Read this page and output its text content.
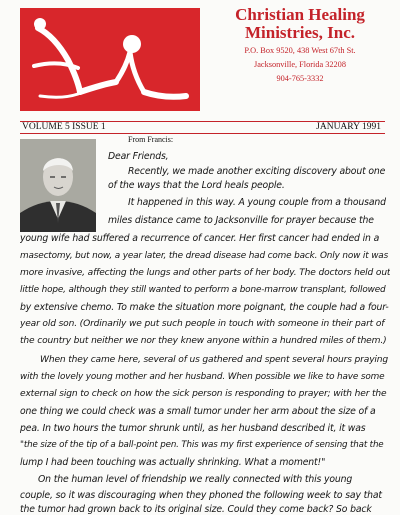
Christian Healing
Ministries, Inc.
P.O. Box 9520, 438 West 67th St.
Jacksonville, Florida 32208
904-765-3332
VOLUME 5 ISSUE 1	JANUARY 1991
From Francis:
Dear Friends,
Recently, we made another exciting discovery about one
of the ways that the Lord heals people.
It happened in this way. A young couple from a thousand
miles distance came to Jacksonville for prayer because the
young wife had suffered a recurrence of cancer. Her first cancer had ended in a
masectomy, but now, a year later, the dread disease had come back. Only now it was
more invasive, affecting the lungs and other parts of her body. The doctors held out
little hope, although they still wanted to perform a bone-marrow transplant, followed
by extensive chemo. To make the situation more poignant, the couple had a four-
year old son. (Ordinarily we put such people in touch with someone in their part of
the country but neither we nor they knew anyone within a hundred miles of them.)
When they came here, several of us gathered and spent several hours praying
with the lovely young mother and her husband. When possible we like to have some
external sign to check on how the sick person is responding to prayer; with her the
one thing we could check was a small tumor under her arm about the size of a
pea. In two hours the tumor shrunk until, as her husband described it, it was
"the size of the tip of a ball-point pen. This was my first experience of sensing that the
lump I had been touching was actually shrinking. What a moment!"
On the human level of friendship we really connected with this young
couple, so it was discouraging when they phoned the following week to say that
the tumor had grown back to its original size. Could they come back? So back
